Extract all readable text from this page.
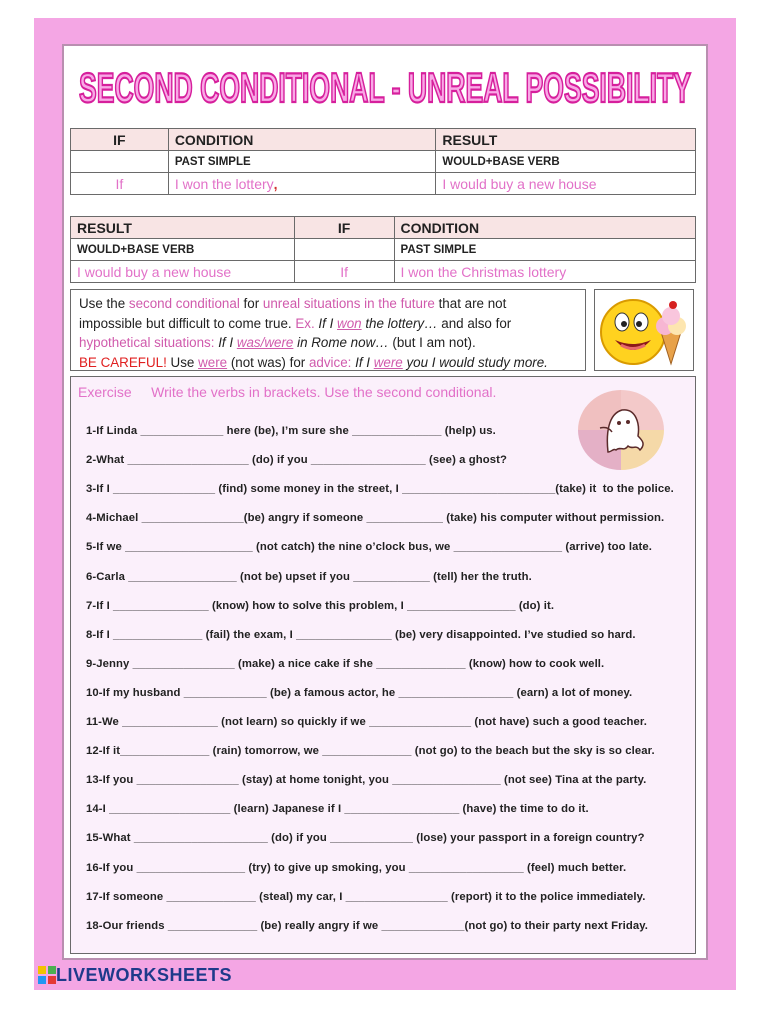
SECOND CONDITIONAL - UNREAL POSSIBILITY
IF	CONDITION	RESULT
	PAST SIMPLE	WOULD+BASE VERB
If	I won the lottery,	I would buy a new house
RESULT	IF	CONDITION
WOULD+BASE VERB		PAST SIMPLE
I would buy a new house	If	I won the Christmas lottery
Use the second conditional for unreal situations in the future that are not
impossible but difficult to come true. Ex. If I won the lottery… and also for
hypothetical situations: If I was/were in Rome now… (but I am not).
BE CAREFUL! Use were (not was) for advice: If I were you I would study more.
Exercise     Write the verbs in brackets. Use the second conditional.
1-If Linda _____________ here (be), I’m sure she ______________ (help) us.
2-What ___________________ (do) if you __________________ (see) a ghost?
3-If I ________________ (find) some money in the street, I ________________________(take) it  to the police.
4-Michael ________________(be) angry if someone ____________ (take) his computer without permission.
5-If we ____________________ (not catch) the nine o’clock bus, we _________________ (arrive) too late.
6-Carla _________________ (not be) upset if you ____________ (tell) her the truth.
7-If I _______________ (know) how to solve this problem, I _________________ (do) it.
8-If I ______________ (fail) the exam, I _______________ (be) very disappointed. I’ve studied so hard.
9-Jenny ________________ (make) a nice cake if she ______________ (know) how to cook well.
10-If my husband _____________ (be) a famous actor, he __________________ (earn) a lot of money.
11-We _______________ (not learn) so quickly if we ________________ (not have) such a good teacher.
12-If it______________ (rain) tomorrow, we ______________ (not go) to the beach but the sky is so clear.
13-If you ________________ (stay) at home tonight, you _________________ (not see) Tina at the party.
14-I ___________________ (learn) Japanese if I __________________ (have) the time to do it.
15-What _____________________ (do) if you _____________ (lose) your passport in a foreign country?
16-If you _________________ (try) to give up smoking, you __________________ (feel) much better.
17-If someone ______________ (steal) my car, I ________________ (report) it to the police immediately.
18-Our friends ______________ (be) really angry if we _____________(not go) to their party next Friday.
LIVEWORKSHEETS
